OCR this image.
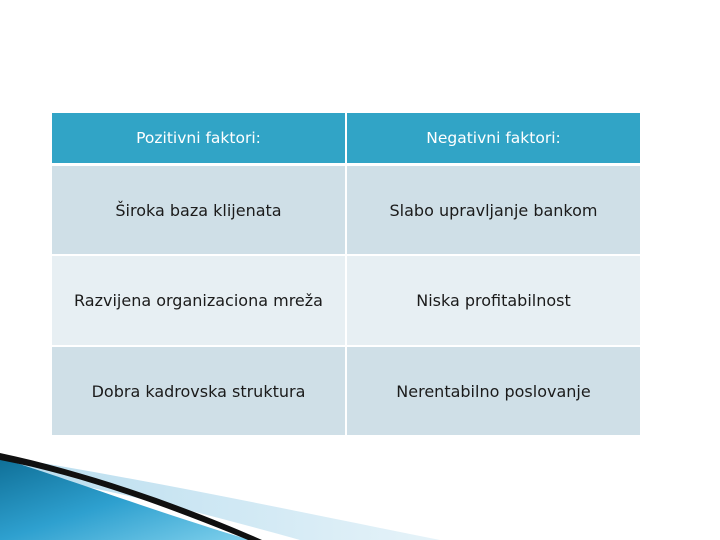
Pozitivni faktori:	Negativni faktori:
Široka baza klijenata	Slabo upravljanje bankom
Razvijena organizaciona mreža	Niska profitabilnost
Dobra kadrovska struktura	Nerentabilno poslovanje
